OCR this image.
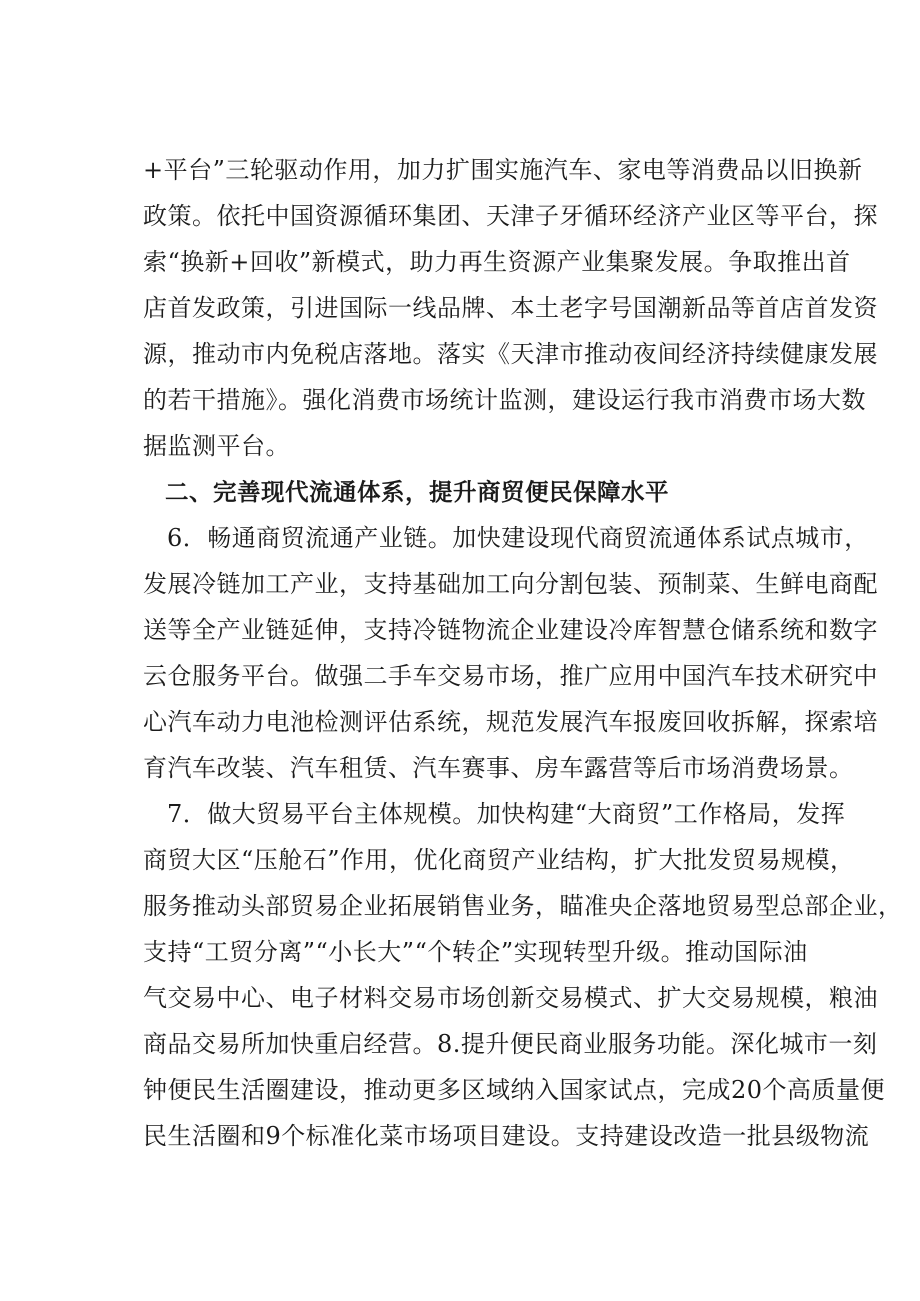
+平台”三轮驱动作用，加力扩围实施汽车、家电等消费品以旧换新
政策。依托中国资源循环集团、天津子牙循环经济产业区等平台，探
索“换新+回收”新模式，助力再生资源产业集聚发展。争取推出首
店首发政策，引进国际一线品牌、本土老字号国潮新品等首店首发资
源，推动市内免税店落地。落实《天津市推动夜间经济持续健康发展
的若干措施》。强化消费市场统计监测，建设运行我市消费市场大数
据监测平台。
二、完善现代流通体系，提升商贸便民保障水平
6．畅通商贸流通产业链。加快建设现代商贸流通体系试点城市，
发展冷链加工产业，支持基础加工向分割包装、预制菜、生鲜电商配
送等全产业链延伸，支持冷链物流企业建设冷库智慧仓储系统和数字
云仓服务平台。做强二手车交易市场，推广应用中国汽车技术研究中
心汽车动力电池检测评估系统，规范发展汽车报废回收拆解，探索培
育汽车改装、汽车租赁、汽车赛事、房车露营等后市场消费场景。
7．做大贸易平台主体规模。加快构建“大商贸”工作格局，发挥
商贸大区“压舱石”作用，优化商贸产业结构，扩大批发贸易规模，
服务推动头部贸易企业拓展销售业务，瞄准央企落地贸易型总部企业，
支持“工贸分离”“小长大”“个转企”实现转型升级。推动国际油
气交易中心、电子材料交易市场创新交易模式、扩大交易规模，粮油
商品交易所加快重启经营。8.提升便民商业服务功能。深化城市一刻
钟便民生活圈建设，推动更多区域纳入国家试点，完成20个高质量便
民生活圈和9个标准化菜市场项目建设。支持建设改造一批县级物流
